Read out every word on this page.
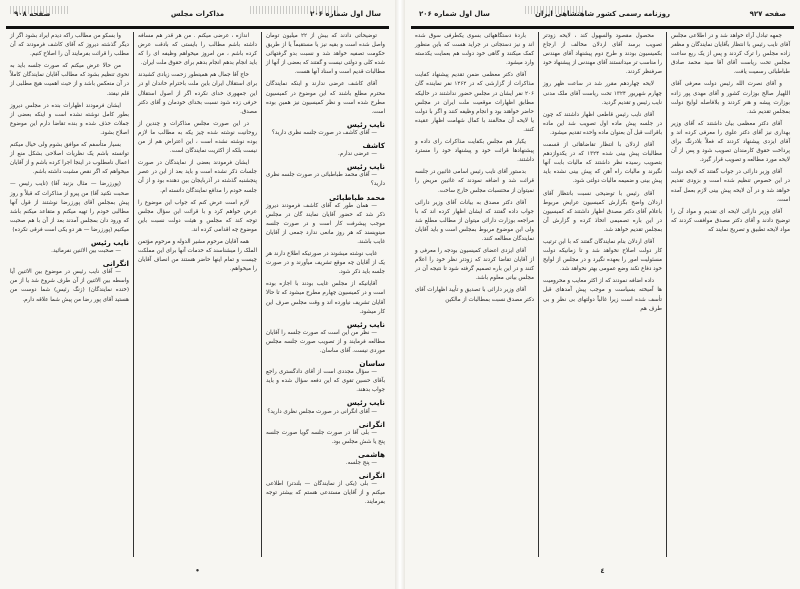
صفحه ۹۰۸	مذاکرات مجلس	سال اول شماره ۲۰۶

توضیحاتی دادند که بیش از ۲۲ میلیون تومان واصل شده است و بقیه نیز یا مستقیماً یا از طریق حکومت تصفیه خواهد شد و نسبت بدو گرفتهائی شده کلی و دولتی نیست و گفتند که بعضی از آنها از مطالبات قدیم است و اسناد آنها هست.

آقای کاشف عرضی ندارند و اینکه نمایندگان محترم مطلع باشند که این موضوع در کمیسیون مطرح شده است و نظر کمیسیون نیز همین بوده است.

نایب رئیس

— آقای کاشف در صورت جلسه نظری دارید؟

کاشف

— عرضی ندارم.

نایب رئیس

— آقای محمد طباطبائی در صورت جلسه نظری دارید؟

محمد طباطبائی

— همان طور که آقای کاشف فرمودند دیروز ذکر شد که حضور آقایان نمایند گان در مجلس موجب پیشرفت کار است و در صورت جلسه مینویسند که هر روز مانعی ندارد جمعی از آقایان غایب باشند.

غایب نوشته میشوند در صورتیکه اطلاع دارند هر یک از آقایان چه موقع تشریف میآورند و در صورت جلسه باید ذکر شود.

آقایانیکه از مجلس غایب بودند با اجازه بوده است و در کمیسیون چهارم مطرح میشود که تا حالا آقایان تشریف نیاورده اند و وقت مجلس صرف این کار میشود.

نایب رئیس

— نظر من این است که صورت جلسه را آقایان مطالعه فرمایند و از تصویب صورت جلسه مجلس موردی نیست. آقای ساسان.

ساسان

— سؤال مجددی است از آقای دادگستری راجع بآقای حسین تقوی که این دفعه سؤال شده و باید جواب بدهند.

نایب رئیس

— آقای انگرانی در صورت مجلس نظری دارید؟

انگرانی

— بلی آقا در صورت جلسه گویا صورت جلسه پنج یا شش مجلس بود.

هاشمی

— پنج جلسه.

انگرانی

— بلی (یکی از نمایندگان — بلندتر) اطلاعی میکنم و از آقایان مستدعی هستم که بیشتر توجه بفرمایند.

اندازه ، عرضی میکنم . من هر قدر هم مسافه داشته باشم مطالب را بایستی که بادقت عرض کرده باشم ، من امروز میخواهم وظیفه ای را که باید انجام بدهم انجام بدهم برای حقوق ملت ایران.

حاج آقا جمال هم همینطور زحمت زیادی کشیدند برای استقلال ایران باین ملت باحترام خاندان او در این جمهوری خدای نکرده اگر از اصول استقلال حرفی زده شود نسبت بخدای خودمان و آقای دکتر مصدق.

در این صورت مجلس مذاکرات و چندین از روحانیت نوشته شده چیز یکه به مطالب ما لازم بوده نوشته نشده است ، این اعتراض هم از من نیست بلکه از اکثریت نمایندگان است.

ایشان فرمودند بعضی از نمایندگان در صورت جلسات ذکر نشده است و باید بعد از این در عصر پنجشنبه گذشته در آذربایجان بین دهنده بود و از آن جلسه خودم را مدافع نمایندگان دانسته ام.

لازم است عرض کنم که جواب این موضوع را عرض خواهم کرد و با قرائت این سؤال مجلس توجه کند که مجلس و هیئت دولت نسبت باین موضوع چه اقدامی کرده اند.

همه آقایان مرحوم مشیر الدوله و مرحوم مؤتمن الملک را میشناسند که خدمات آنها برای این مملکت چیست و تمام اینها حاضر هستند من انصاف آقایان را میخواهم.

وا بسکو من مطالب راکه دیدم ایراد بشود اگر از دیگر گذشته دیروز که آقای کاشف فرمودند که آن مطلب را قرائت بفرمایند آن را اصلاح کنیم.

من حالا عرض میکنم که صورت جلسه باید به نحوی تنظیم بشود که مطالب آقایان نمایندگان کاملاً در آن منعکس باشد و از حیث اهمیت هیچ مطلبی از قلم نیفتد.

ایشان فرمودند اظهارات بنده در مجلس دیروز بطور کامل نوشته نشده است و اینکه بعضی از جملات حذف شده و بنده تقاضا دارم این موضوع اصلاح بشود.

بسیار متأسفم که موافق بشوم ولی خیال میکنم توانسته باشم یک نظریات اصلاحی بشکل منع از اعمال نامطلوب در اینجا اجرا کرده باشم و از آقایان میخواهم که اگر نقص مشیت داشته باشم.

(پورزرضا — مثال بزنید آقا) (نایب رئیس — صحبت نکنید آقا) من پیرو از مذاکرات که قبلاً و روز پیش بمجلس آقای پورزرضا نوشتند از قول آنها مطالبی خودم را تهیه میکنم و متقاعد میکنم باشد که ورود دان بمجلس آمدند بعد از آن با هم صحبت میکنیم (پورزرضا — هر دو یکی است فرقی نکرده)

نایب رئیس

— صحبت بین الاثنین نفرمائید.

انگرانی

— آقای نایب رئیس در موضوع بین الاثنین آیا واسطه بین الاثنین از آن طرف شروع شد یا از من (خنده نمایندگان) (زنگ رئیس) شما دوست من هستید آقای پور رضا من پیش شما علاقه دارم.

•
سال اول شماره ۲۰۶	روزنامه رسمی کشور شاهنشاهی ایران	صفحه ۹۲۷

جمهه تبادل آراء خواهد شد و در اطلاعی مجلس آقای نایب رئیس با انتظار بآقایان نمایندگان و مظفر زاده مجلس را ترک کردند و پس از یک ربع ساعت مجلس تحت ریاست آقای آقا سید محمد صادق طباطبائی رسمیت یافت.

و آقای نصرت الله رئیس دولت معرفی آقای اللهیار صالح بوزارت کشور و آقای مهدی پور زاده بوزارت پیشه و هنر کردند و بلافاصله لوایح دولت بمجلس تقدیم شد.

آقای دکتر معظمی بیان داشتند که آقای وزیر بهداری نیز آقای دکتر علوی را معرفی کرده اند و آقای ایزدی پیشنهاد کردند که فعلاً بلادرنگ برای پرداخت حقوق کارمندان تصویب شود و پس از آن لایحه مورد مطالعه و تصویب قرار گیرد.

آقای وزیر دارائی در جواب گفتند که لایحه دولت در این خصوص تنظیم شده است و بزودی تقدیم خواهد شد و در آن لایحه پیش بینی لازم بعمل آمده است.

آقای وزیر دارائی لایحه ای تقدیم و مواد آن را توضیح دادند و آقای دکتر مصدق موافقت کردند که مواد لایحه تطبیق و تصریح نمایند که

محصول مقصود والسهول کند ، لایحه زودتر تصویب برسد آقای اردلان مخالف از ارجاع بکمیسیون بودند و طرح دوم پیشنهاد آقای مهندس را مناسب تر میدانستند آقای مهندس از پیشنهاد خود صرفنظر کردند.

لایحه چهاردهم مقرر شد در ساعت ظهر روز چهارم شهریور ۱۳۲۴ تحت ریاست آقای ملک مدنی نایب رئیس و تقدیم گردید.

آقای نایب رئیس قاطعی اظهار داشتند که چون در جلسه پیش ماده اول تصویب شد این ماده باقرائت قبل آن بعنوان ماده واحده تقدیم میشود.

آقای اردلان با انتظار تقاضاهائی از قسمت مطالبات پیش بینی شده ۱۳۲۴ که در یکدوازدهم بتصویب رسیده نظر داشتند که مالیات بابت آنها نگیرند و مالیات راه آهن که پیش بینی نشده باید پیش بینی و ضمیمه مالیات دولتی شود.

آقای رئیس با توضیحی نسبت بانتظار آقای اردلان واضح بگزارش کمیسیون عرایض مربوط باعلام آقای دکتر مصدق اظهار داشتند که کمیسیون در این باره تصمیمی اتخاذ کرده و گزارش آن بمجلس تقدیم خواهد شد.

آقای اردلان بنام نمایندگان گفتند که با این ترتیب کار دولت اصلاح نخواهد شد و تا زمانیکه دولت مسئولیت امور را بعهده نگیرد و در مجلس از لوایح خود دفاع نکند وضع عمومی بهتر نخواهد شد.

داده اضافه نمودند که از اکثر معایب و محرومیت ها آمیخته بسیاست و موجب پیش آمدهای قبل تأسف شده است زیرا غالباً دولتهای بی نظر و بی طرف هم

باردهٔ دستگاههائی بسوی یکطرفی سوق شده اند و نیز دستجاتی در جراید هست که باین منظور کمک میکنند و گاهی خود دولت هم بعمایت یکدسته وارد میشود.

آقای دکتر معظمی ضمن تقدیم پیشنهاد کفایت مذاکرات از گزارشی که در ۱۲۶۲ نفر نماینده گان ۲۰۶ نفر ایشان در مجلس حضور نداشتند در حالیکه مطابق اظهارات موقعیت ملت ایران در مجلس حاضر خواهند بود و انجام وظیفه کنند و اگر با دولت یا لایحه آن مخالفند با کمال شهامت اظهار عقیده کنند.

یکبار هم مجلس بکفایت مذاکرات رای داده و پیشنهادها قرائت خود و پیشنهاد خود را مسترد داشتند.

بدستور آقای نایب رئیس اسامی غائبین در جلسه قرائت شد و اضافه نمودند که غائبین مریض را نمیتوان از محتسبات مجلس خارج ساخت.

آقای دکتر مصدق به بیانات آقای وزیر دارائی جواب داده گفتند که ایشان اظهار کرده اند که با مراجعه بوزارت دارائی میتوان از مطالب مطلع شد ولی این موضوع مربوط بمجلس است و باید آقایان نمایندگان مطالعه کنند.

آقای ایزدی اعضای کمیسیون بودجه را معرفی و از آقایان تقاضا کردند که زودتر نظر خود را اعلام کنند و در این باره تصمیم گرفته شود تا نتیجه آن در مجلس بیانی معلوم باشد.

آقای وزیر دارائی با تصدیق و تأیید اظهارات آقای دکتر مصدق نسبت بمطالبات از مالکین

٤
